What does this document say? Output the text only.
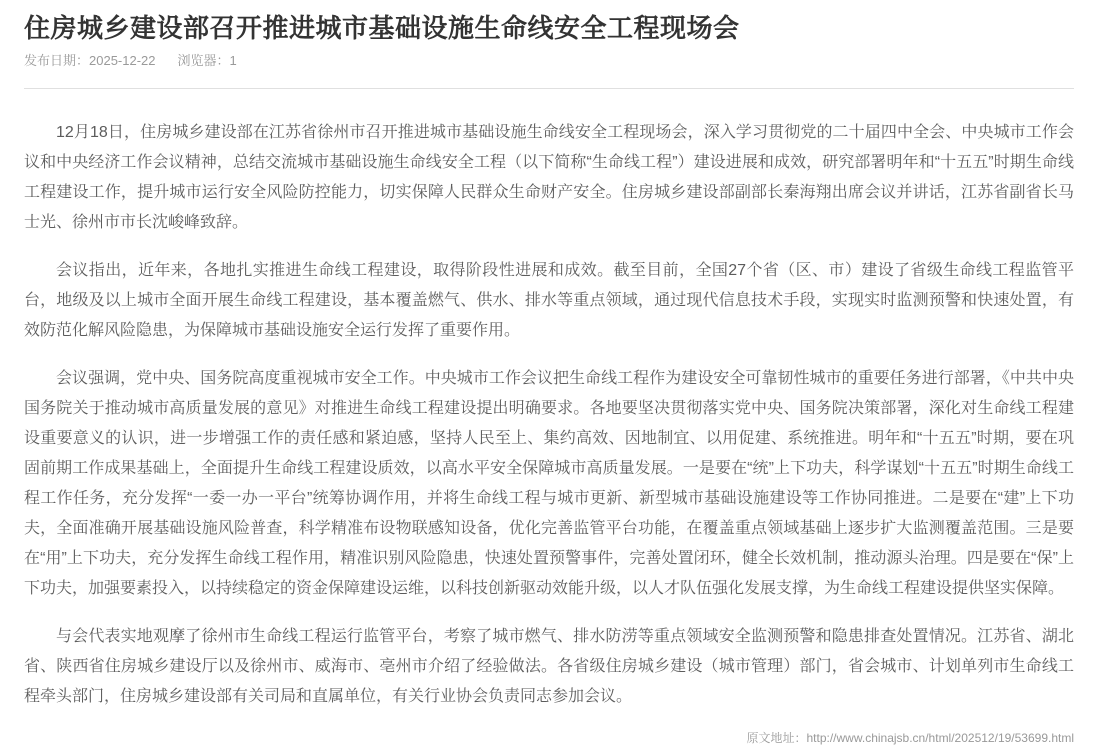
住房城乡建设部召开推进城市基础设施生命线安全工程现场会
发布日期：2025-12-22 浏览器：1

12月18日，住房城乡建设部在江苏省徐州市召开推进城市基础设施生命线安全工程现场会，深入学习贯彻党的二十届四中全会、中央城市工作会议和中央经济工作会议精神，总结交流城市基础设施生命线安全工程（以下简称“生命线工程”）建设进展和成效，研究部署明年和“十五五”时期生命线工程建设工作，提升城市运行安全风险防控能力，切实保障人民群众生命财产安全。住房城乡建设部副部长秦海翔出席会议并讲话，江苏省副省长马士光、徐州市市长沈峻峰致辞。

会议指出，近年来，各地扎实推进生命线工程建设，取得阶段性进展和成效。截至目前，全国27个省（区、市）建设了省级生命线工程监管平台，地级及以上城市全面开展生命线工程建设，基本覆盖燃气、供水、排水等重点领域，通过现代信息技术手段，实现实时监测预警和快速处置，有效防范化解风险隐患，为保障城市基础设施安全运行发挥了重要作用。

会议强调，党中央、国务院高度重视城市安全工作。中央城市工作会议把生命线工程作为建设安全可靠韧性城市的重要任务进行部署，《中共中央国务院关于推动城市高质量发展的意见》对推进生命线工程建设提出明确要求。各地要坚决贯彻落实党中央、国务院决策部署，深化对生命线工程建设重要意义的认识，进一步增强工作的责任感和紧迫感，坚持人民至上、集约高效、因地制宜、以用促建、系统推进。明年和“十五五”时期，要在巩固前期工作成果基础上，全面提升生命线工程建设质效，以高水平安全保障城市高质量发展。一是要在“统”上下功夫，科学谋划“十五五”时期生命线工程工作任务，充分发挥“一委一办一平台”统筹协调作用，并将生命线工程与城市更新、新型城市基础设施建设等工作协同推进。二是要在“建”上下功夫，全面准确开展基础设施风险普查，科学精准布设物联感知设备，优化完善监管平台功能，在覆盖重点领域基础上逐步扩大监测覆盖范围。三是要在“用”上下功夫，充分发挥生命线工程作用，精准识别风险隐患，快速处置预警事件，完善处置闭环，健全长效机制，推动源头治理。四是要在“保”上下功夫，加强要素投入，以持续稳定的资金保障建设运维，以科技创新驱动效能升级，以人才队伍强化发展支撑，为生命线工程建设提供坚实保障。

与会代表实地观摩了徐州市生命线工程运行监管平台，考察了城市燃气、排水防涝等重点领域安全监测预警和隐患排查处置情况。江苏省、湖北省、陕西省住房城乡建设厅以及徐州市、威海市、亳州市介绍了经验做法。各省级住房城乡建设（城市管理）部门，省会城市、计划单列市生命线工程牵头部门，住房城乡建设部有关司局和直属单位，有关行业协会负责同志参加会议。

原文地址：http://www.chinajsb.cn/html/202512/19/53699.html
